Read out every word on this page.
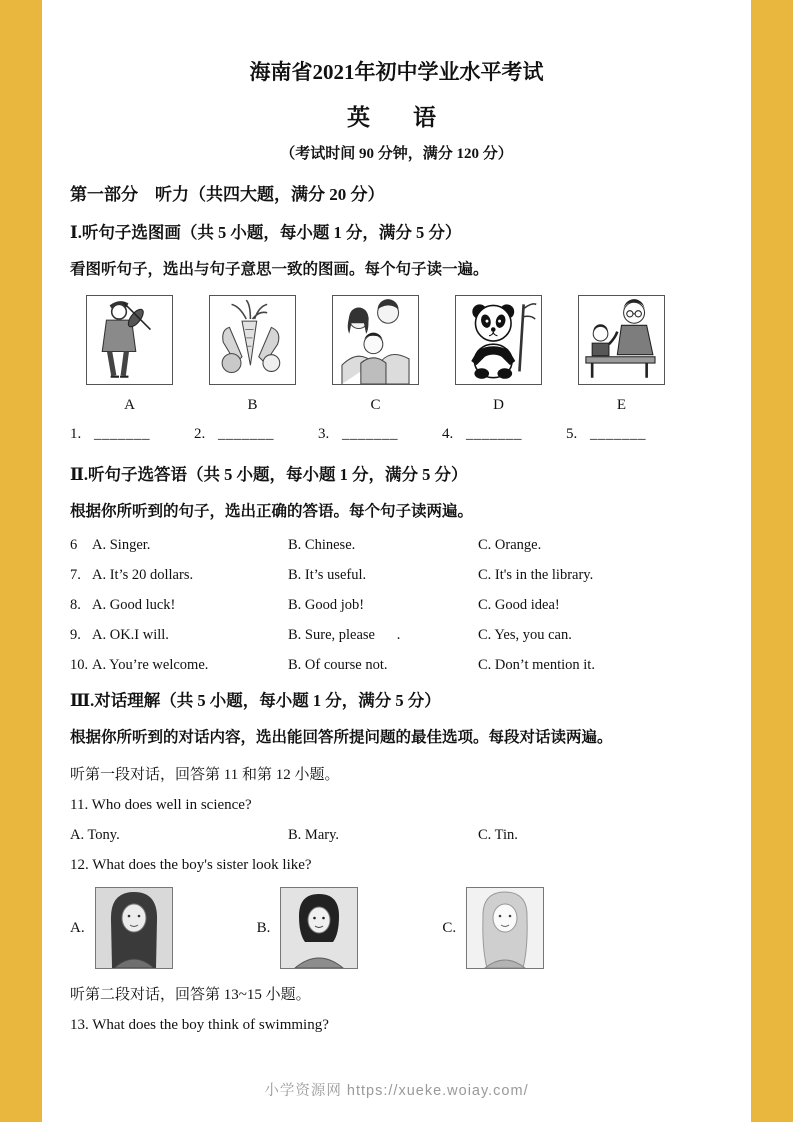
海南省2021年初中学业水平考试
英　语
（考试时间 90 分钟，满分 120 分）
第一部分　听力（共四大题，满分 20 分）
Ⅰ.听句子选图画（共 5 小题，每小题 1 分，满分 5 分）
看图听句子，选出与句子意思一致的图画。每个句子读一遍。
A	B	C	D	E
1. _______	2. _______	3. _______	4. _______	5. _______
Ⅱ.听句子选答语（共 5 小题，每小题 1 分，满分 5 分）
根据你所听到的句子，选出正确的答语。每个句子读两遍。
6 A. Singer.	B. Chinese.	C. Orange.
7. A. It’s 20 dollars.	B. It’s useful.	C. It's in the library.
8. A. Good luck!	B. Good job!	C. Good idea!
9. A. OK.I will.	B. Sure, please      .	C. Yes, you can.
10. A. You’re welcome.	B. Of course not.	C. Don’t mention it.
Ⅲ.对话理解（共 5 小题，每小题 1 分，满分 5 分）
根据你所听到的对话内容，选出能回答所提问题的最佳选项。每段对话读两遍。
听第一段对话，回答第 11 和第 12 小题。
11. Who does well in science?
A. Tony.	B. Mary.	C. Tin.
12. What does the boy's sister look like?
A.	B.	C.
听第二段对话，回答第 13~15 小题。
13. What does the boy think of swimming?
小学资源网 https://xueke.woiay.com/
